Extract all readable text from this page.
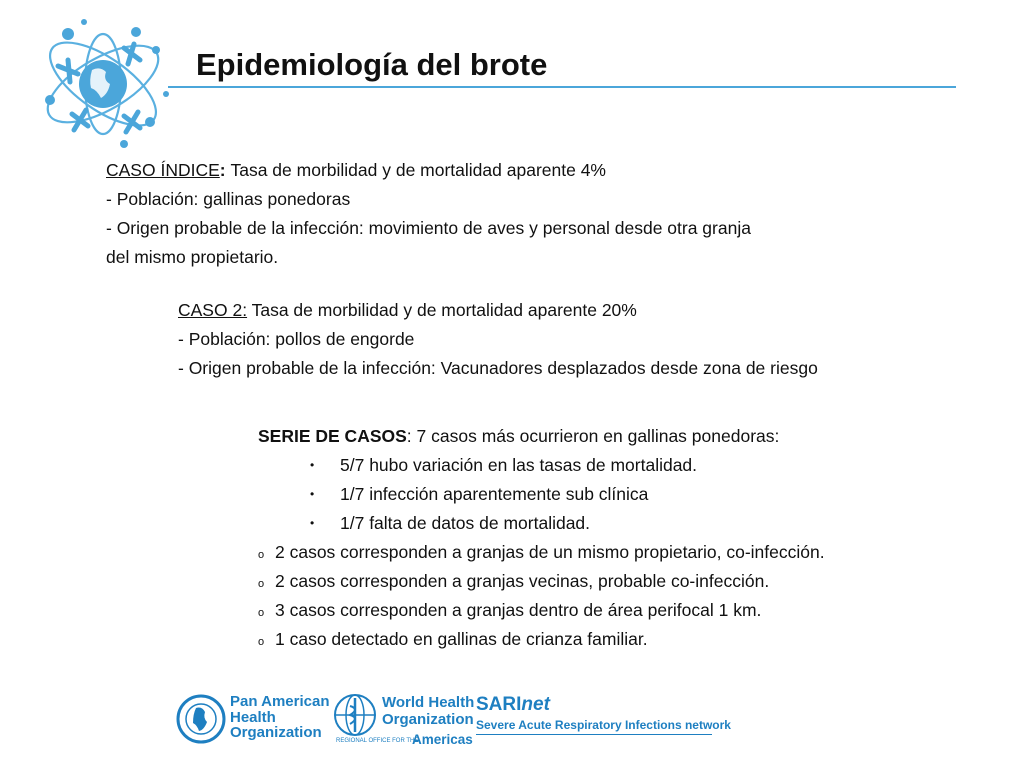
Epidemiología del brote

CASO ÍNDICE: Tasa de morbilidad y de mortalidad aparente 4%

- Población: gallinas ponedoras

- Origen probable de la infección: movimiento de aves y personal desde otra granja

del mismo propietario.

CASO 2: Tasa de morbilidad y de mortalidad aparente 20%

- Población: pollos de engorde

- Origen probable de la infección: Vacunadores desplazados desde zona de riesgo

SERIE DE CASOS: 7 casos más ocurrieron en gallinas ponedoras:

• 5/7 hubo variación en las tasas de mortalidad.
• 1/7 infección aparentemente sub clínica
• 1/7 falta de datos de mortalidad.
o 2 casos corresponden a granjas de un mismo propietario, co-infección.
o 2 casos corresponden a granjas vecinas, probable co-infección.
o 3 casos corresponden a granjas dentro de área perifocal 1 km.
o 1 caso detectado en gallinas de crianza familiar.
Pan American
Health
Organization
World Health
Organization
REGIONAL OFFICE FOR THE
Americas
SARInet
Severe Acute Respiratory Infections network
